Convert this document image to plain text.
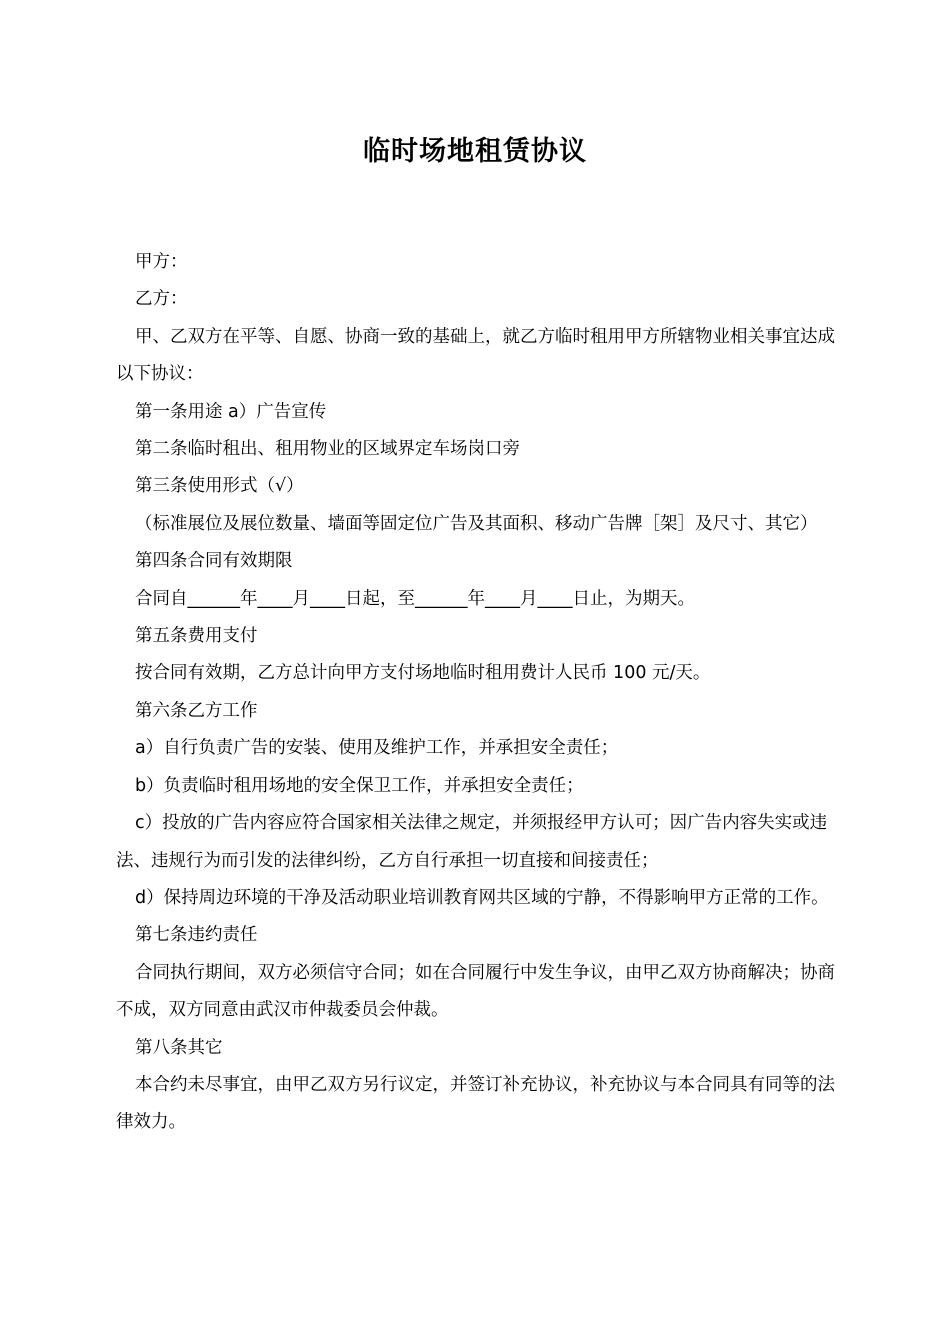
临时场地租赁协议

甲方：

乙方：

甲、乙双方在平等、自愿、协商一致的基础上，就乙方临时租用甲方所辖物业相关事宜达成以下协议：

第一条用途 a）广告宣传

第二条临时租出、租用物业的区域界定车场岗口旁

第三条使用形式（√）

（标准展位及展位数量、墙面等固定位广告及其面积、移动广告牌［架］及尺寸、其它）

第四条合同有效期限

合同自______年____月____日起，至______年____月____日止，为期天。

第五条费用支付

按合同有效期，乙方总计向甲方支付场地临时租用费计人民币 100 元/天。

第六条乙方工作

a）自行负责广告的安装、使用及维护工作，并承担安全责任；

b）负责临时租用场地的安全保卫工作，并承担安全责任；

c）投放的广告内容应符合国家相关法律之规定，并须报经甲方认可；因广告内容失实或违法、违规行为而引发的法律纠纷，乙方自行承担一切直接和间接责任；

d）保持周边环境的干净及活动职业培训教育网共区域的宁静，不得影响甲方正常的工作。

第七条违约责任

合同执行期间，双方必须信守合同；如在合同履行中发生争议，由甲乙双方协商解决；协商不成，双方同意由武汉市仲裁委员会仲裁。

第八条其它

本合约未尽事宜，由甲乙双方另行议定，并签订补充协议，补充协议与本合同具有同等的法律效力。
